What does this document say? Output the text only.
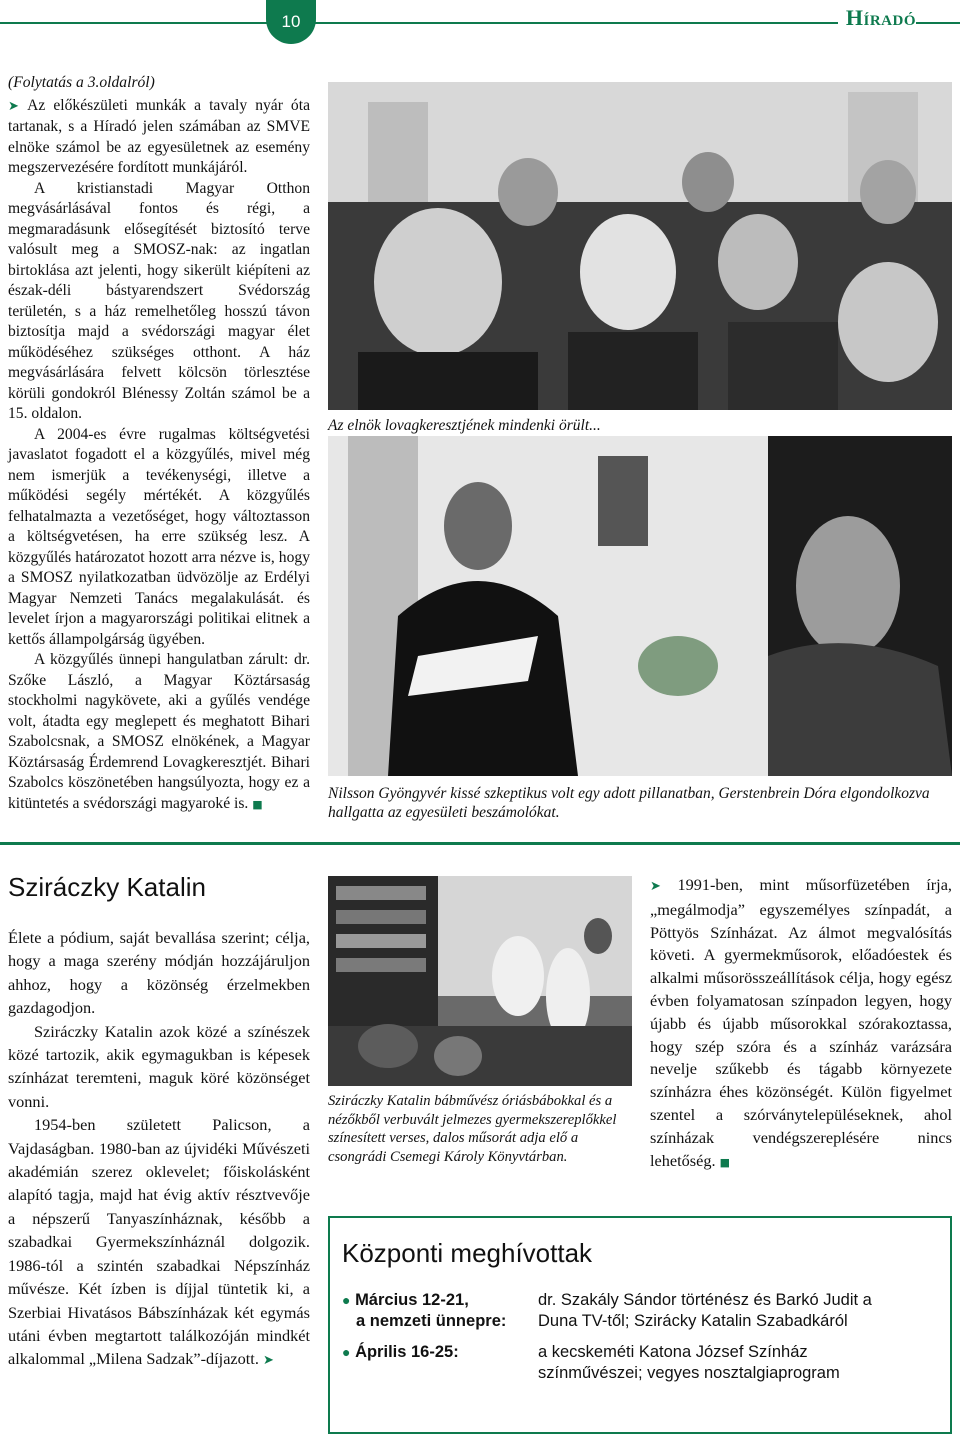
10	Híradó

(Folytatás a 3.oldalról)

➤ Az előkészületi munkák a tavaly nyár óta tartanak, s a Híradó jelen számában az SMVE elnöke számol be az egyesületnek az esemény megszervezésére fordított munkájáról.

A kristianstadi Magyar Otthon megvásárlásával fontos és régi, a megmaradásunk elősegítését biztosító terve valósult meg a SMOSZ-nak: az ingatlan birtoklása azt jelenti, hogy sikerült kiépíteni az észak-déli bástyarendszert Svédország területén, s a ház remelhetőleg hosszú távon biztosítja majd a svédországi magyar élet működéséhez szükséges otthont. A ház megvásárlására felvett kölcsön törlesztése körüli gondokról Blénessy Zoltán számol be a 15. oldalon.

A 2004-es évre rugalmas költségvetési javaslatot fogadott el a közgyűlés, mivel még nem ismerjük a tevékenységi, illetve a működési segély mértékét. A közgyűlés felhatalmazta a vezetőséget, hogy változtasson a költségvetésen, ha erre szükség lesz. A közgyűlés határozatot hozott arra nézve is, hogy a SMOSZ nyilatkozatban üdvözölje az Erdélyi Magyar Nemzeti Tanács megalakulását. és levelet írjon a magyarországi politikai elitnek a kettős állampolgárság ügyében.

A közgyűlés ünnepi hangulatban zárult: dr. Szőke László, a Magyar Köztársaság stockholmi nagykövete, aki a gyűlés vendége volt, átadta egy meglepett és meghatott Bihari Szabolcsnak, a SMOSZ elnökének, a Magyar Köztársaság Érdemrend Lovagkeresztjét. Bihari Szabolcs köszönetében hangsúlyozta, hogy ez a kitüntetés a svédországi magyaroké is. ■

Az elnök lovagkeresztjének mindenki örült...
Nilsson Gyöngyvér kissé szkeptikus volt egy adott pillanatban, Gerstenbrein Dóra elgondolkozva hallgatta az egyesületi beszámolókat.
Sziráczky Katalin

Élete a pódium, saját bevallása szerint; célja, hogy a maga szerény módján hozzájáruljon ahhoz, hogy a közönség érzelmekben gazdagodjon.

Sziráczky Katalin azok közé a színészek közé tartozik, akik egymagukban is képesek színházat teremteni, maguk köré közönséget vonni.

1954-ben született Palicson, a Vajdaságban. 1980-ban az újvidéki Művészeti akadémián szerez oklevelet; főiskolásként alapító tagja, majd hat évig aktív résztvevője a népszerű Tanyaszínháznak, később a szabadkai Gyermekszínháznál dolgozik. 1986-tól a szintén szabadkai Népszínház művésze. Két ízben is díjjal tüntetik ki, a Szerbiai Hivatásos Bábszínházak két egymás utáni évben megtartott találkozóján mindkét alkalommal „Milena Sadzak”-díjazott. ➤

Sziráczky Katalin bábművész óriásbábokkal és a nézőkből verbuvált jelmezes gyermekszereplőkkel színesített verses, dalos műsorát adja elő a csongrádi Csemegi Károly Könyvtárban.

➤ 1991-ben, mint műsorfüzetében írja, „megálmodja” egyszemélyes színpadát, a Pöttyös Színházat. Az álmot megvalósítás követi. A gyermekműsorok, előadóestek és alkalmi műsorösszeállítások célja, hogy egész évben folyamatosan színpadon legyen, hogy újabb és újabb műsorokkal szórakoztassa, hogy szép szóra és a színház varázsára nevelje szűkebb és tágabb környezete színházra éhes közönségét. Külön figyelmet szentel a szórványtelepüléseknek, ahol színházak vendégszereplésére nincs lehetőség. ■

Központi meghívottak
● Március 12-21,
a nemzeti ünnepre:
dr. Szakály Sándor történész és Barkó Judit a
Duna TV-től; Szirácky Katalin Szabadkáról
● Április 16-25:	a kecskeméti Katona József Színház
színművészei; vegyes nosztalgiaprogram
